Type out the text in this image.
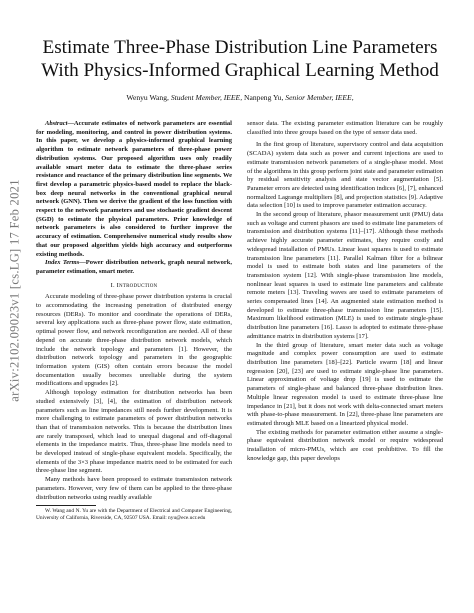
arXiv:2102.09023v1 [cs.LG] 17 Feb 2021
Estimate Three-Phase Distribution Line Parameters
With Physics-Informed Graphical Learning Method
Wenyu Wang, Student Member, IEEE, Nanpeng Yu, Senior Member, IEEE,

Abstract—Accurate estimates of network parameters are essential for modeling, monitoring, and control in power distribution systems. In this paper, we develop a physics-informed graphical learning algorithm to estimate network parameters of three-phase power distribution systems. Our proposed algorithm uses only readily available smart meter data to estimate the three-phase series resistance and reactance of the primary distribution line segments. We first develop a parametric physics-based model to replace the black-box deep neural networks in the conventional graphical neural network (GNN). Then we derive the gradient of the loss function with respect to the network parameters and use stochastic gradient descent (SGD) to estimate the physical parameters. Prior knowledge of network parameters is also considered to further improve the accuracy of estimation. Comprehensive numerical study results show that our proposed algorithm yields high accuracy and outperforms existing methods.

Index Terms—Power distribution network, graph neural network, parameter estimation, smart meter.

I. Introduction

Accurate modeling of three-phase power distribution systems is crucial to accommodating the increasing penetration of distributed energy resources (DERs). To monitor and coordinate the operations of DERs, several key applications such as three-phase power flow, state estimation, optimal power flow, and network reconfiguration are needed. All of these depend on accurate three-phase distribution network models, which include the network topology and parameters [1]. However, the distribution network topology and parameters in the geographic information system (GIS) often contain errors because the model documentation usually becomes unreliable during the system modifications and upgrades [2].

Although topology estimation for distribution networks has been studied extensively [3], [4], the estimation of distribution network parameters such as line impedances still needs further development. It is more challenging to estimate parameters of power distribution networks than that of transmission networks. This is because the distribution lines are rarely transposed, which lead to unequal diagonal and off-diagonal elements in the impedance matrix. Thus, three-phase line models need to be developed instead of single-phase equivalent models. Specifically, the elements of the 3×3 phase impedance matrix need to be estimated for each three-phase line segment.

Many methods have been proposed to estimate transmission network parameters. However, very few of them can be applied to the three-phase distribution networks using readily available

W. Wang and N. Yu are with the Department of Electrical and Computer Engineering, University of California, Riverside, CA, 92507 USA. Email: nyu@ece.ucr.edu

sensor data. The existing parameter estimation literature can be roughly classified into three groups based on the type of sensor data used.

In the first group of literature, supervisory control and data acquisition (SCADA) system data such as power and current injections are used to estimate transmission network parameters of a single-phase model. Most of the algorithms in this group perform joint state and parameter estimation by residual sensitivity analysis and state vector augmentation [5]. Parameter errors are detected using identification indices [6], [7], enhanced normalized Lagrange multipliers [8], and projection statistics [9]. Adaptive data selection [10] is used to improve parameter estimation accuracy.

In the second group of literature, phasor measurement unit (PMU) data such as voltage and current phasors are used to estimate line parameters of transmission and distribution systems [11]–[17]. Although these methods achieve highly accurate parameter estimates, they require costly and widespread installation of PMUs. Linear least squares is used to estimate transmission line parameters [11]. Parallel Kalman filter for a bilinear model is used to estimate both states and line parameters of the transmission system [12]. With single-phase transmission line models, nonlinear least squares is used to estimate line parameters and calibrate remote meters [13]. Traveling waves are used to estimate parameters of series compensated lines [14]. An augmented state estimation method is developed to estimate three-phase transmission line parameters [15]. Maximum likelihood estimation (MLE) is used to estimate single-phase distribution line parameters [16]. Lasso is adopted to estimate three-phase admittance matrix in distribution systems [17].

In the third group of literature, smart meter data such as voltage magnitude and complex power consumption are used to estimate distribution line parameters [18]–[22]. Particle swarm [18] and linear regression [20], [23] are used to estimate single-phase line parameters. Linear approximation of voltage drop [19] is used to estimate the parameters of single-phase and balanced three-phase distribution lines. Multiple linear regression model is used to estimate three-phase line impedance in [21], but it does not work with delta-connected smart meters with phase-to-phase measurement. In [22], three-phase line parameters are estimated through MLE based on a linearized physical model.

The existing methods for parameter estimation either assume a single-phase equivalent distribution network model or require widespread installation of micro-PMUs, which are cost prohibitive. To fill the knowledge gap, this paper develops
